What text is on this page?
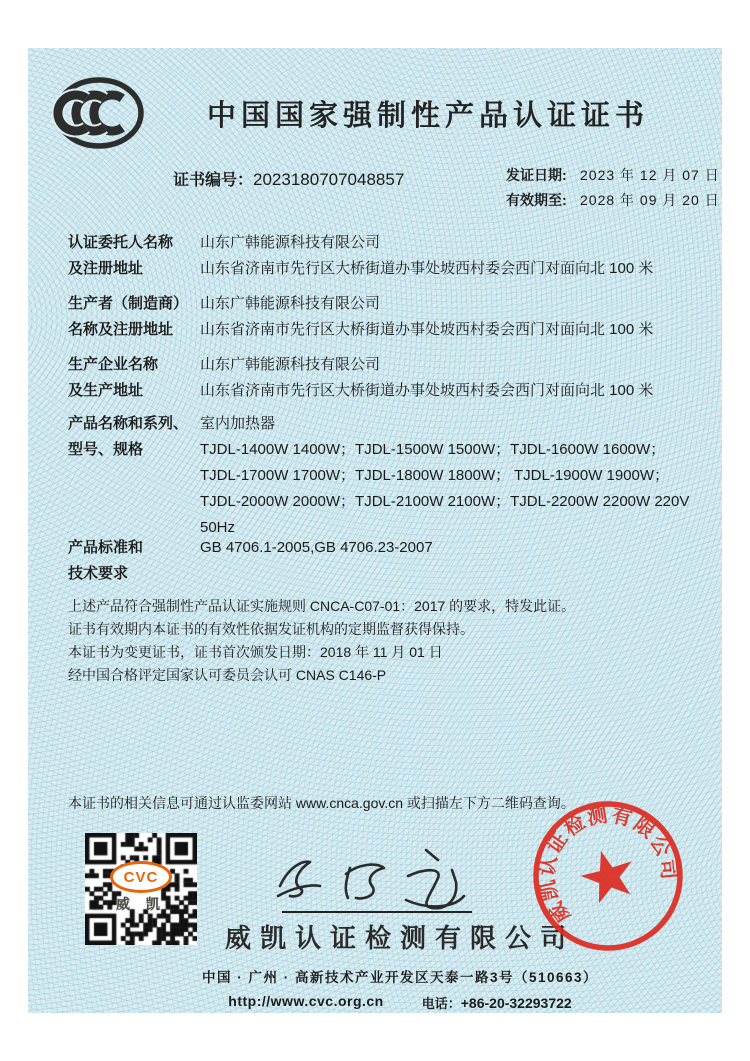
中国国家强制性产品认证证书
证书编号：2023180707048857	发证日期: 2023 年 12 月 07 日
有效期至: 2028 年 09 月 20 日
认证委托人名称
及注册地址
山东广韩能源科技有限公司
山东省济南市先行区大桥街道办事处坡西村委会西门对面向北 100 米
生产者（制造商）
名称及注册地址
山东广韩能源科技有限公司
山东省济南市先行区大桥街道办事处坡西村委会西门对面向北 100 米
生产企业名称
及生产地址
山东广韩能源科技有限公司
山东省济南市先行区大桥街道办事处坡西村委会西门对面向北 100 米
产品名称和系列、
型号、规格
室内加热器
TJDL-1400W 1400W；TJDL-1500W 1500W；TJDL-1600W 1600W；
TJDL-1700W 1700W；TJDL-1800W 1800W； TJDL-1900W 1900W；
TJDL-2000W 2000W；TJDL-2100W 2100W；TJDL-2200W 2200W 220V
50Hz
产品标准和
技术要求
GB 4706.1-2005,GB 4706.23-2007
上述产品符合强制性产品认证实施规则 CNCA-C07-01：2017 的要求，特发此证。
证书有效期内本证书的有效性依据发证机构的定期监督获得保持。
本证书为变更证书，证书首次颁发日期：2018 年 11 月 01 日
经中国合格评定国家认可委员会认可 CNAS C146-P
本证书的相关信息可通过认监委网站 www.cnca.gov.cn 或扫描左下方二维码查询。
CVC
威 凯
威凯认证检测有限公司
中国 · 广州 · 高新技术产业开发区天泰一路3号（510663）
http://www.cvc.org.cn	电话：+86-20-32293722
威凯认证检测有限公司
